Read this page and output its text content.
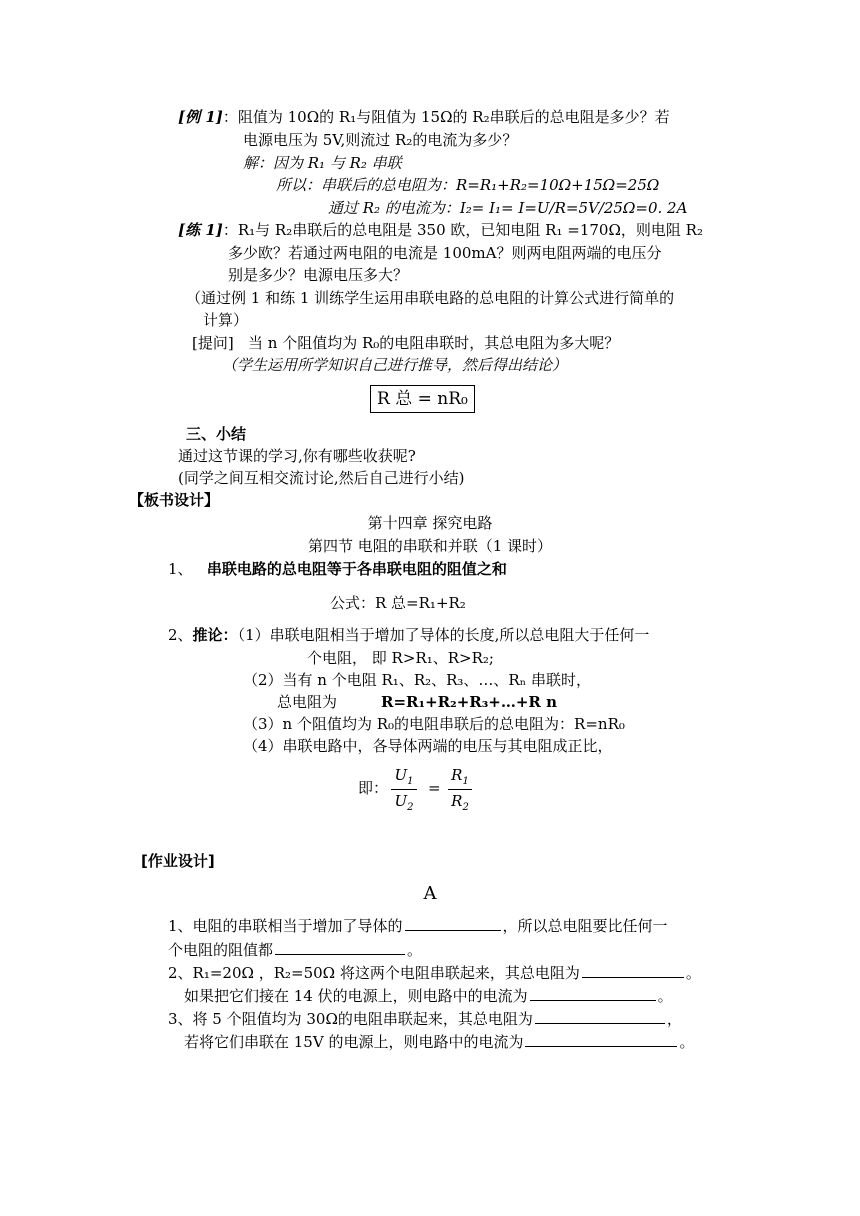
[例 1]：阻值为 10Ω的 R₁与阻值为 15Ω的 R₂串联后的总电阻是多少？若
电源电压为 5V,则流过 R₂的电流为多少？
解：因为 R₁ 与 R₂ 串联
所以：串联后的总电阻为：R=R₁+R₂=10Ω+15Ω=25Ω
通过 R₂ 的电流为：I₂= I₁= I=U/R=5V/25Ω=0. 2A
[练 1]：R₁与 R₂串联后的总电阻是 350 欧，已知电阻 R₁ =170Ω，则电阻 R₂
多少欧？若通过两电阻的电流是 100mA？则两电阻两端的电压分
别是多少？电源电压多大？
（通过例 1 和练 1 训练学生运用串联电路的总电阻的计算公式进行简单的
计算）
[提问] 当 n 个阻值均为 R₀的电阻串联时，其总电阻为多大呢？
（学生运用所学知识自己进行推导，然后得出结论）
R 总 = nR₀
三、小结
通过这节课的学习,你有哪些收获呢?
(同学之间互相交流讨论,然后自己进行小结)
【板书设计】
第十四章 探究电路
第四节 电阻的串联和并联（1 课时）
1、 串联电路的总电阻等于各串联电阻的阻值之和
公式：R 总=R₁+R₂
2、推论：（1）串联电阻相当于增加了导体的长度,所以总电阻大于任何一
个电阻， 即 R>R₁、R>R₂;
（2）当有 n 个电阻 R₁、R₂、R₃、…、Rₙ 串联时，
总电阻为	R=R₁+R₂+R₃+…+R n
（3）n 个阻值均为 R₀的电阻串联后的总电阻为：R=nR₀
（4）串联电路中，各导体两端的电压与其电阻成正比，
即：
$U_1$
$U_2$
=
$R_1$
$R_2$
[作业设计]
A
1、电阻的串联相当于增加了导体的	，所以总电阻要比任何一
个电阻的阻值都	。
2、R₁=20Ω ，R₂=50Ω 将这两个电阻串联起来，其总电阻为	。
如果把它们接在 14 伏的电源上，则电路中的电流为	。
3、将 5 个阻值均为 30Ω的电阻串联起来，其总电阻为	，
若将它们串联在 15V 的电源上，则电路中的电流为	。
